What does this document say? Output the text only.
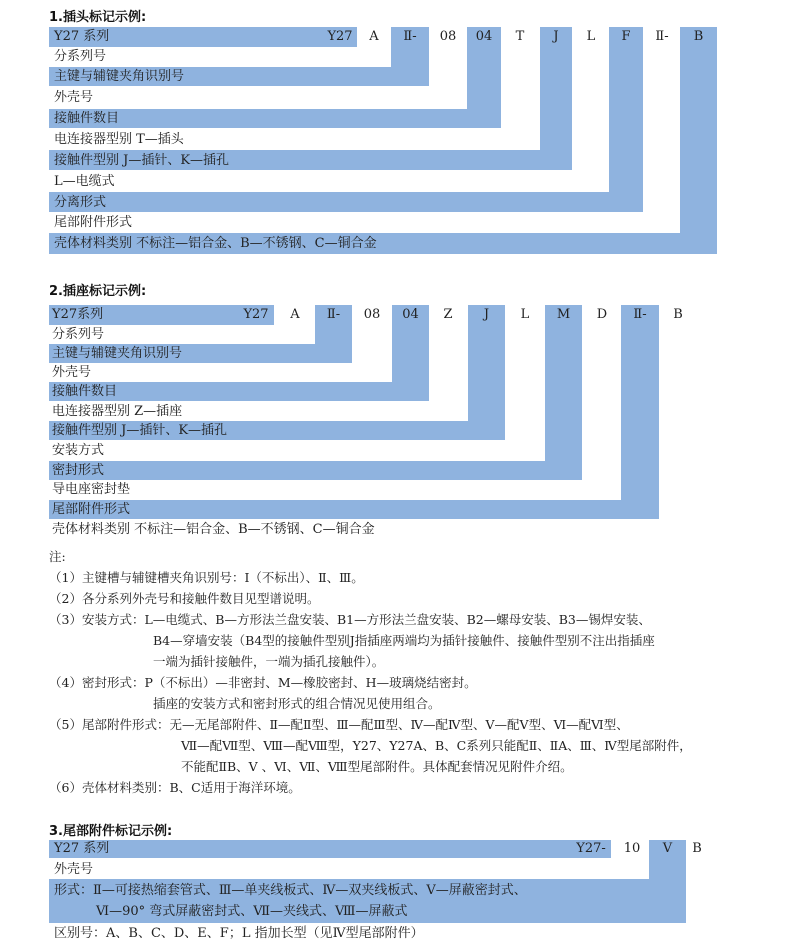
1.插头标记示例:
Y27 系列	Y27	A	Ⅱ-	08	04	T	J	L	F	Ⅱ-	B
分系列号
主键与辅键夹角识别号
外壳号
接触件数目
电连接器型别 T—插头
接触件型别 J—插针、K—插孔
L—电缆式
分离形式
尾部附件形式
壳体材料类别 不标注—铝合金、B—不锈钢、C—铜合金
2.插座标记示例:
Y27系列	Y27	A	Ⅱ-	08	04	Z	J	L	M	D	Ⅱ-	B
分系列号
主键与辅键夹角识别号
外壳号
接触件数目
电连接器型别 Z—插座
接触件型别 J—插针、K—插孔
安装方式
密封形式
导电座密封垫
尾部附件形式
壳体材料类别 不标注—铝合金、B—不锈钢、C—铜合金
注:
（1）主键槽与辅键槽夹角识别号：Ⅰ（不标出）、Ⅱ、Ⅲ。
（2）各分系列外壳号和接触件数目见型谱说明。
（3）安装方式：L—电缆式、B—方形法兰盘安装、B1—方形法兰盘安装、B2—螺母安装、B3—锡焊安装、
B4—穿墙安装（B4型的接触件型别J指插座两端均为插针接触件、接触件型别不注出指插座
一端为插针接触件，一端为插孔接触件）。
（4）密封形式：P（不标出）—非密封、M—橡胶密封、H—玻璃烧结密封。
插座的安装方式和密封形式的组合情况见使用组合。
（5）尾部附件形式：无—无尾部附件、Ⅱ—配Ⅱ型、Ⅲ—配Ⅲ型、Ⅳ—配Ⅳ型、Ⅴ—配Ⅴ型、Ⅵ—配Ⅵ型、
Ⅶ—配Ⅶ型、Ⅷ—配Ⅷ型，Y27、Y27A、B、C系列只能配Ⅱ、ⅡA、Ⅲ、Ⅳ型尾部附件，
不能配ⅡB、Ⅴ 、Ⅵ、Ⅶ、Ⅷ型尾部附件。具体配套情况见附件介绍。
（6）壳体材料类别：B、C适用于海洋环境。
3.尾部附件标记示例:
Y27 系列	Y27-	10	V	B
外壳号
形式：Ⅱ—可接热缩套管式、Ⅲ—单夹线板式、Ⅳ—双夹线板式、Ⅴ—屏蔽密封式、
Ⅵ—90° 弯式屏蔽密封式、Ⅶ—夹线式、Ⅷ—屏蔽式
区别号：A、B、C、D、E、F；L 指加长型（见Ⅳ型尾部附件）
